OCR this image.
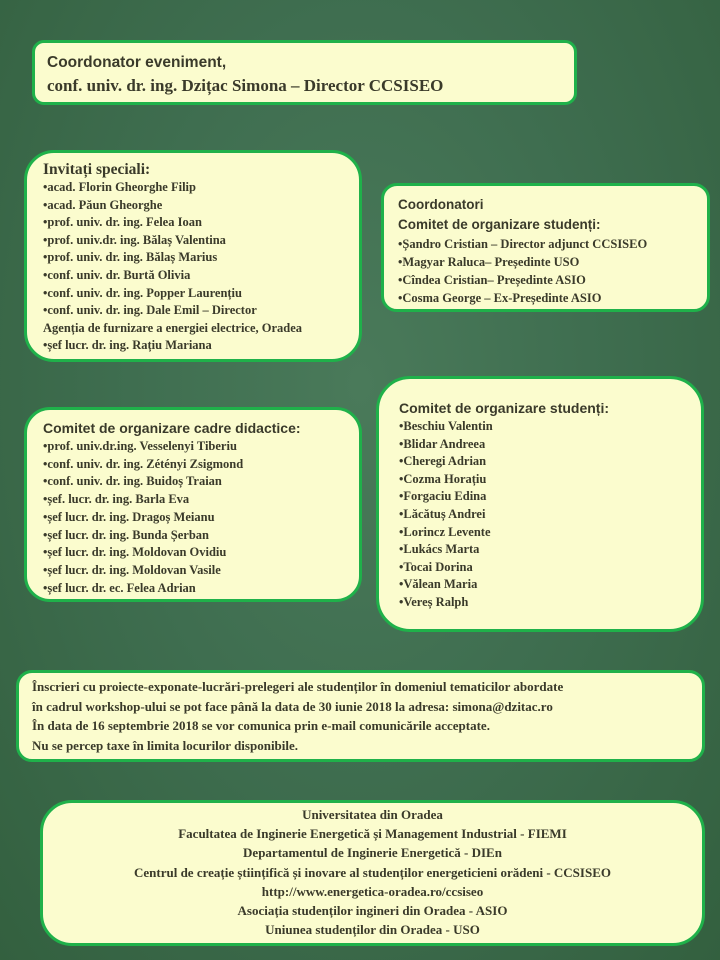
Coordonator eveniment,
conf. univ. dr. ing. Dzițac Simona – Director CCSISEO
Invitați speciali:
•acad. Florin Gheorghe Filip
•acad. Păun Gheorghe
•prof. univ. dr. ing. Felea Ioan
•prof. univ.dr. ing. Bălaș Valentina
•prof. univ. dr. ing. Bălaș Marius
•conf. univ. dr. Burtă Olivia
•conf. univ. dr. ing. Popper Laurențiu
•conf. univ. dr. ing. Dale Emil – Director
Agenția de furnizare a energiei electrice, Oradea
•șef lucr. dr. ing. Rațiu Mariana
Coordonatori
Comitet de organizare studenți:
•Șandro Cristian – Director adjunct CCSISEO
•Magyar Raluca– Președinte USO
•Cîndea Cristian– Președinte ASIO
•Cosma George – Ex-Președinte ASIO
Comitet de organizare cadre didactice:
•prof. univ.dr.ing. Vesselenyi Tiberiu
•conf. univ. dr. ing. Zétényi Zsigmond
•conf. univ. dr. ing. Buidoș Traian
•șef. lucr. dr. ing. Barla Eva
•șef lucr. dr. ing. Dragoș Meianu
•șef lucr. dr. ing. Bunda Șerban
•șef lucr. dr. ing. Moldovan Ovidiu
•șef lucr. dr. ing. Moldovan Vasile
•șef lucr. dr. ec. Felea Adrian
Comitet de organizare studenți:
•Beschiu Valentin
•Blidar Andreea
•Cheregi Adrian
•Cozma Horațiu
•Forgaciu Edina
•Lăcătuș Andrei
•Lorincz Levente
•Lukács Marta
•Tocai Dorina
•Vălean Maria
•Vereș Ralph
Înscrieri cu proiecte-exponate-lucrări-prelegeri ale studenților în domeniul tematicilor abordate
în cadrul workshop-ului se pot face până la data de 30 iunie 2018 la adresa: simona@dzitac.ro
În data de 16 septembrie 2018 se vor comunica prin e-mail comunicările acceptate.
Nu se percep taxe în limita locurilor disponibile.
Universitatea din Oradea
Facultatea de Inginerie Energetică și Management Industrial - FIEMI
Departamentul de Inginerie Energetică - DIEn
Centrul de creație științifică și inovare al studenților energeticieni orădeni - CCSISEO
http://www.energetica-oradea.ro/ccsiseo
Asociația studenților ingineri din Oradea - ASIO
Uniunea studenților din Oradea - USO
